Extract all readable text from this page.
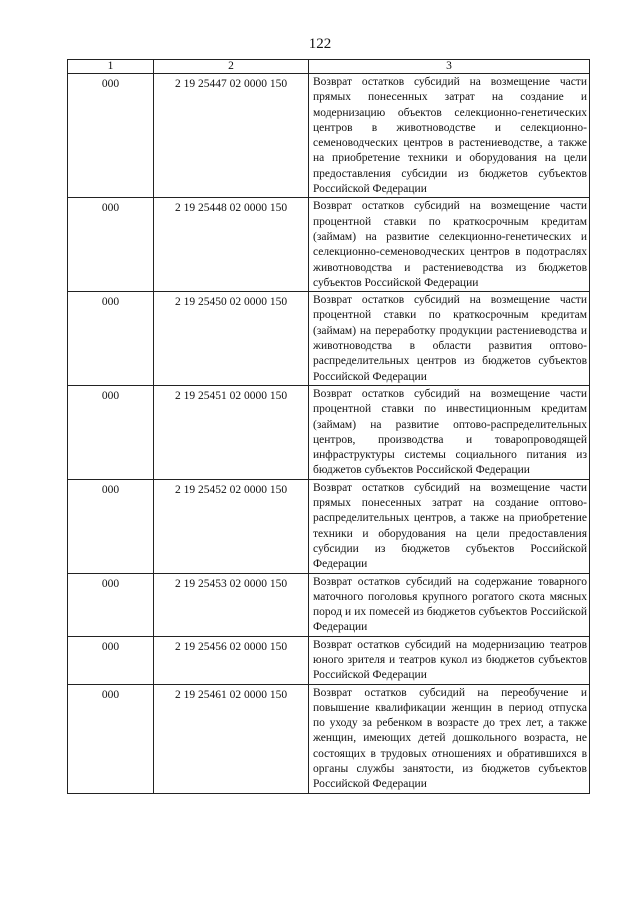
122
1	2	3
000	2 19 25447 02 0000 150	Возврат остатков субсидий на возмещение части прямых понесенных затрат на создание и модернизацию объектов селекционно-генетических центров в животноводстве и селекционно-семеноводческих центров в растениеводстве, а также на приобретение техники и оборудования на цели предоставления субсидии из бюджетов субъектов Российской Федерации
000	2 19 25448 02 0000 150	Возврат остатков субсидий на возмещение части процентной ставки по краткосрочным кредитам (займам) на развитие селекционно-генетических и селекционно-семеноводческих центров в подотраслях животноводства и растениеводства из бюджетов субъектов Российской Федерации
000	2 19 25450 02 0000 150	Возврат остатков субсидий на возмещение части процентной ставки по краткосрочным кредитам (займам) на переработку продукции растениеводства и животноводства в области развития оптово-распределительных центров из бюджетов субъектов Российской Федерации
000	2 19 25451 02 0000 150	Возврат остатков субсидий на возмещение части процентной ставки по инвестиционным кредитам (займам) на развитие оптово-распределительных центров, производства и товаропроводящей инфраструктуры системы социального питания из бюджетов субъектов Российской Федерации
000	2 19 25452 02 0000 150	Возврат остатков субсидий на возмещение части прямых понесенных затрат на создание оптово-распределительных центров, а также на приобретение техники и оборудования на цели предоставления субсидии из бюджетов субъектов Российской Федерации
000	2 19 25453 02 0000 150	Возврат остатков субсидий на содержание товарного маточного поголовья крупного рогатого скота мясных пород и их помесей из бюджетов субъектов Российской Федерации
000	2 19 25456 02 0000 150	Возврат остатков субсидий на модернизацию театров юного зрителя и театров кукол из бюджетов субъектов Российской Федерации
000	2 19 25461 02 0000 150	Возврат остатков субсидий на переобучение и повышение квалификации женщин в период отпуска по уходу за ребенком в возрасте до трех лет, а также женщин, имеющих детей дошкольного возраста, не состоящих в трудовых отношениях и обратившихся в органы службы занятости, из бюджетов субъектов Российской Федерации
